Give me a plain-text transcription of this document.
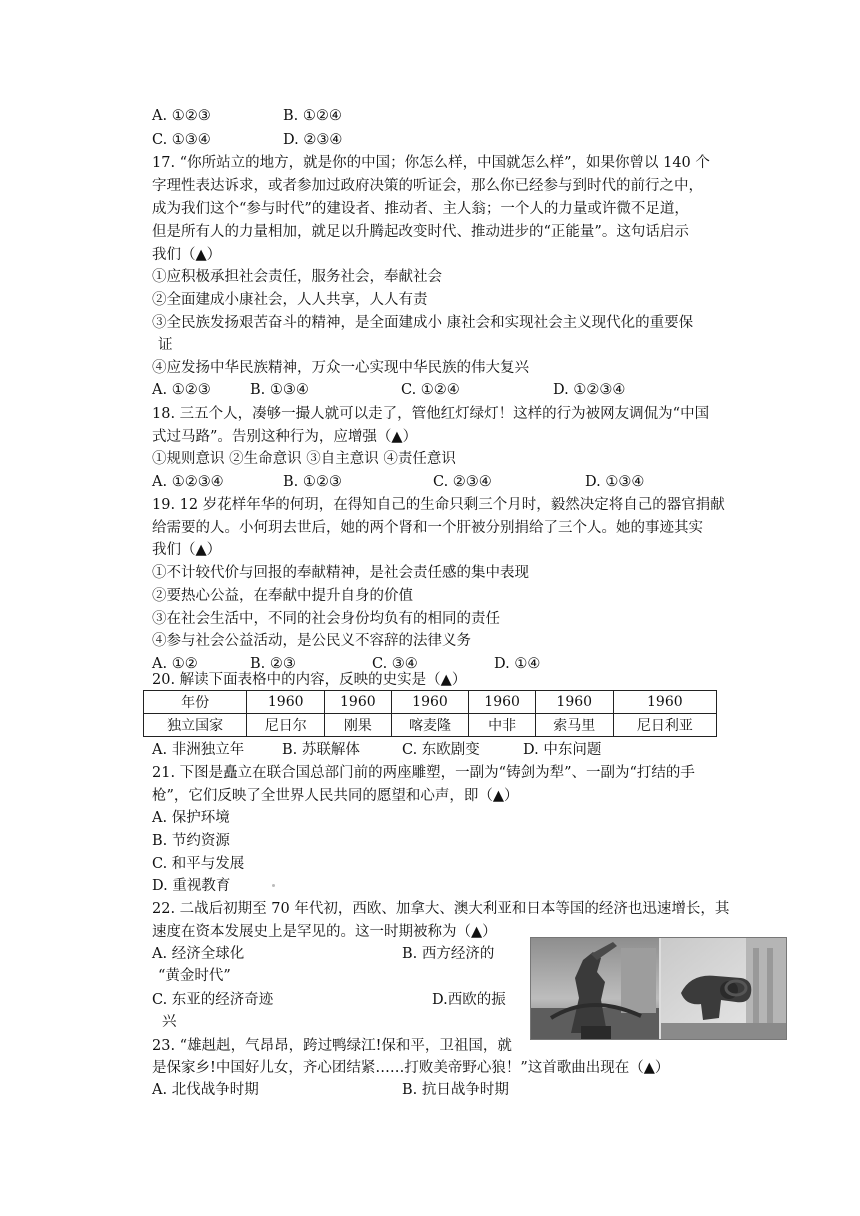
A. ①②③	B. ①②④
C. ①③④	D. ②③④
17. “你所站立的地方，就是你的中国；你怎么样，中国就怎么样”，如果你曾以 140 个
字理性表达诉求，或者参加过政府决策的听证会，那么你已经参与到时代的前行之中，
成为我们这个“参与时代”的建设者、推动者、主人翁；一个人的力量或许微不足道，
但是所有人的力量相加，就足以升腾起改变时代、推动进步的“正能量”。这句话启示
我们（▲）
①应积极承担社会责任，服务社会，奉献社会
②全面建成小康社会，人人共享，人人有责
③全民族发扬艰苦奋斗的精神，是全面建成小 康社会和实现社会主义现代化的重要保
证
④应发扬中华民族精神，万众一心实现中华民族的伟大复兴
A. ①②③	B. ①③④	C. ①②④	D. ①②③④
18. 三五个人，凑够一撮人就可以走了，管他红灯绿灯！这样的行为被网友调侃为“中国
式过马路”。告别这种行为，应增强（▲）
①规则意识 ②生命意识 ③自主意识 ④责任意识
A. ①②③④	B. ①②③	C. ②③④	D. ①③④
19. 12 岁花样年华的何玥，在得知自己的生命只剩三个月时，毅然决定将自己的器官捐献
给需要的人。小何玥去世后，她的两个肾和一个肝被分别捐给了三个人。她的事迹其实
我们（▲）
①不计较代价与回报的奉献精神，是社会责任感的集中表现
②要热心公益，在奉献中提升自身的价值
③在社会生活中，不同的社会身份均负有的相同的责任
④参与社会公益活动，是公民义不容辞的法律义务
A. ①②	B. ②③	C. ③④	D. ①④
20. 解读下面表格中的内容，反映的史实是（▲）
年份	1960	1960	1960	1960	1960	1960
独立国家	尼日尔	刚果	喀麦隆	中非	索马里	尼日利亚
A. 非洲独立年	B. 苏联解体	C. 东欧剧变	D. 中东问题
21. 下图是矗立在联合国总部门前的两座雕塑，一副为“铸剑为犁”、一副为“打结的手
枪”，它们反映了全世界人民共同的愿望和心声，即（▲）
A. 保护环境
B. 节约资源
C. 和平与发展
D. 重视教育
22. 二战后初期至 70 年代初，西欧、加拿大、澳大利亚和日本等国的经济也迅速增长，其
速度在资本发展史上是罕见的。这一时期被称为（▲）
A. 经济全球化	B. 西方经济的
“黄金时代”
C. 东亚的经济奇迹	D.西欧的振
兴
23. “雄赳赳，气昂昂，跨过鸭绿江!保和平，卫祖国，就
是保家乡!中国好儿女，齐心团结紧……打败美帝野心狼！”这首歌曲出现在（▲）
A. 北伐战争时期	B. 抗日战争时期
